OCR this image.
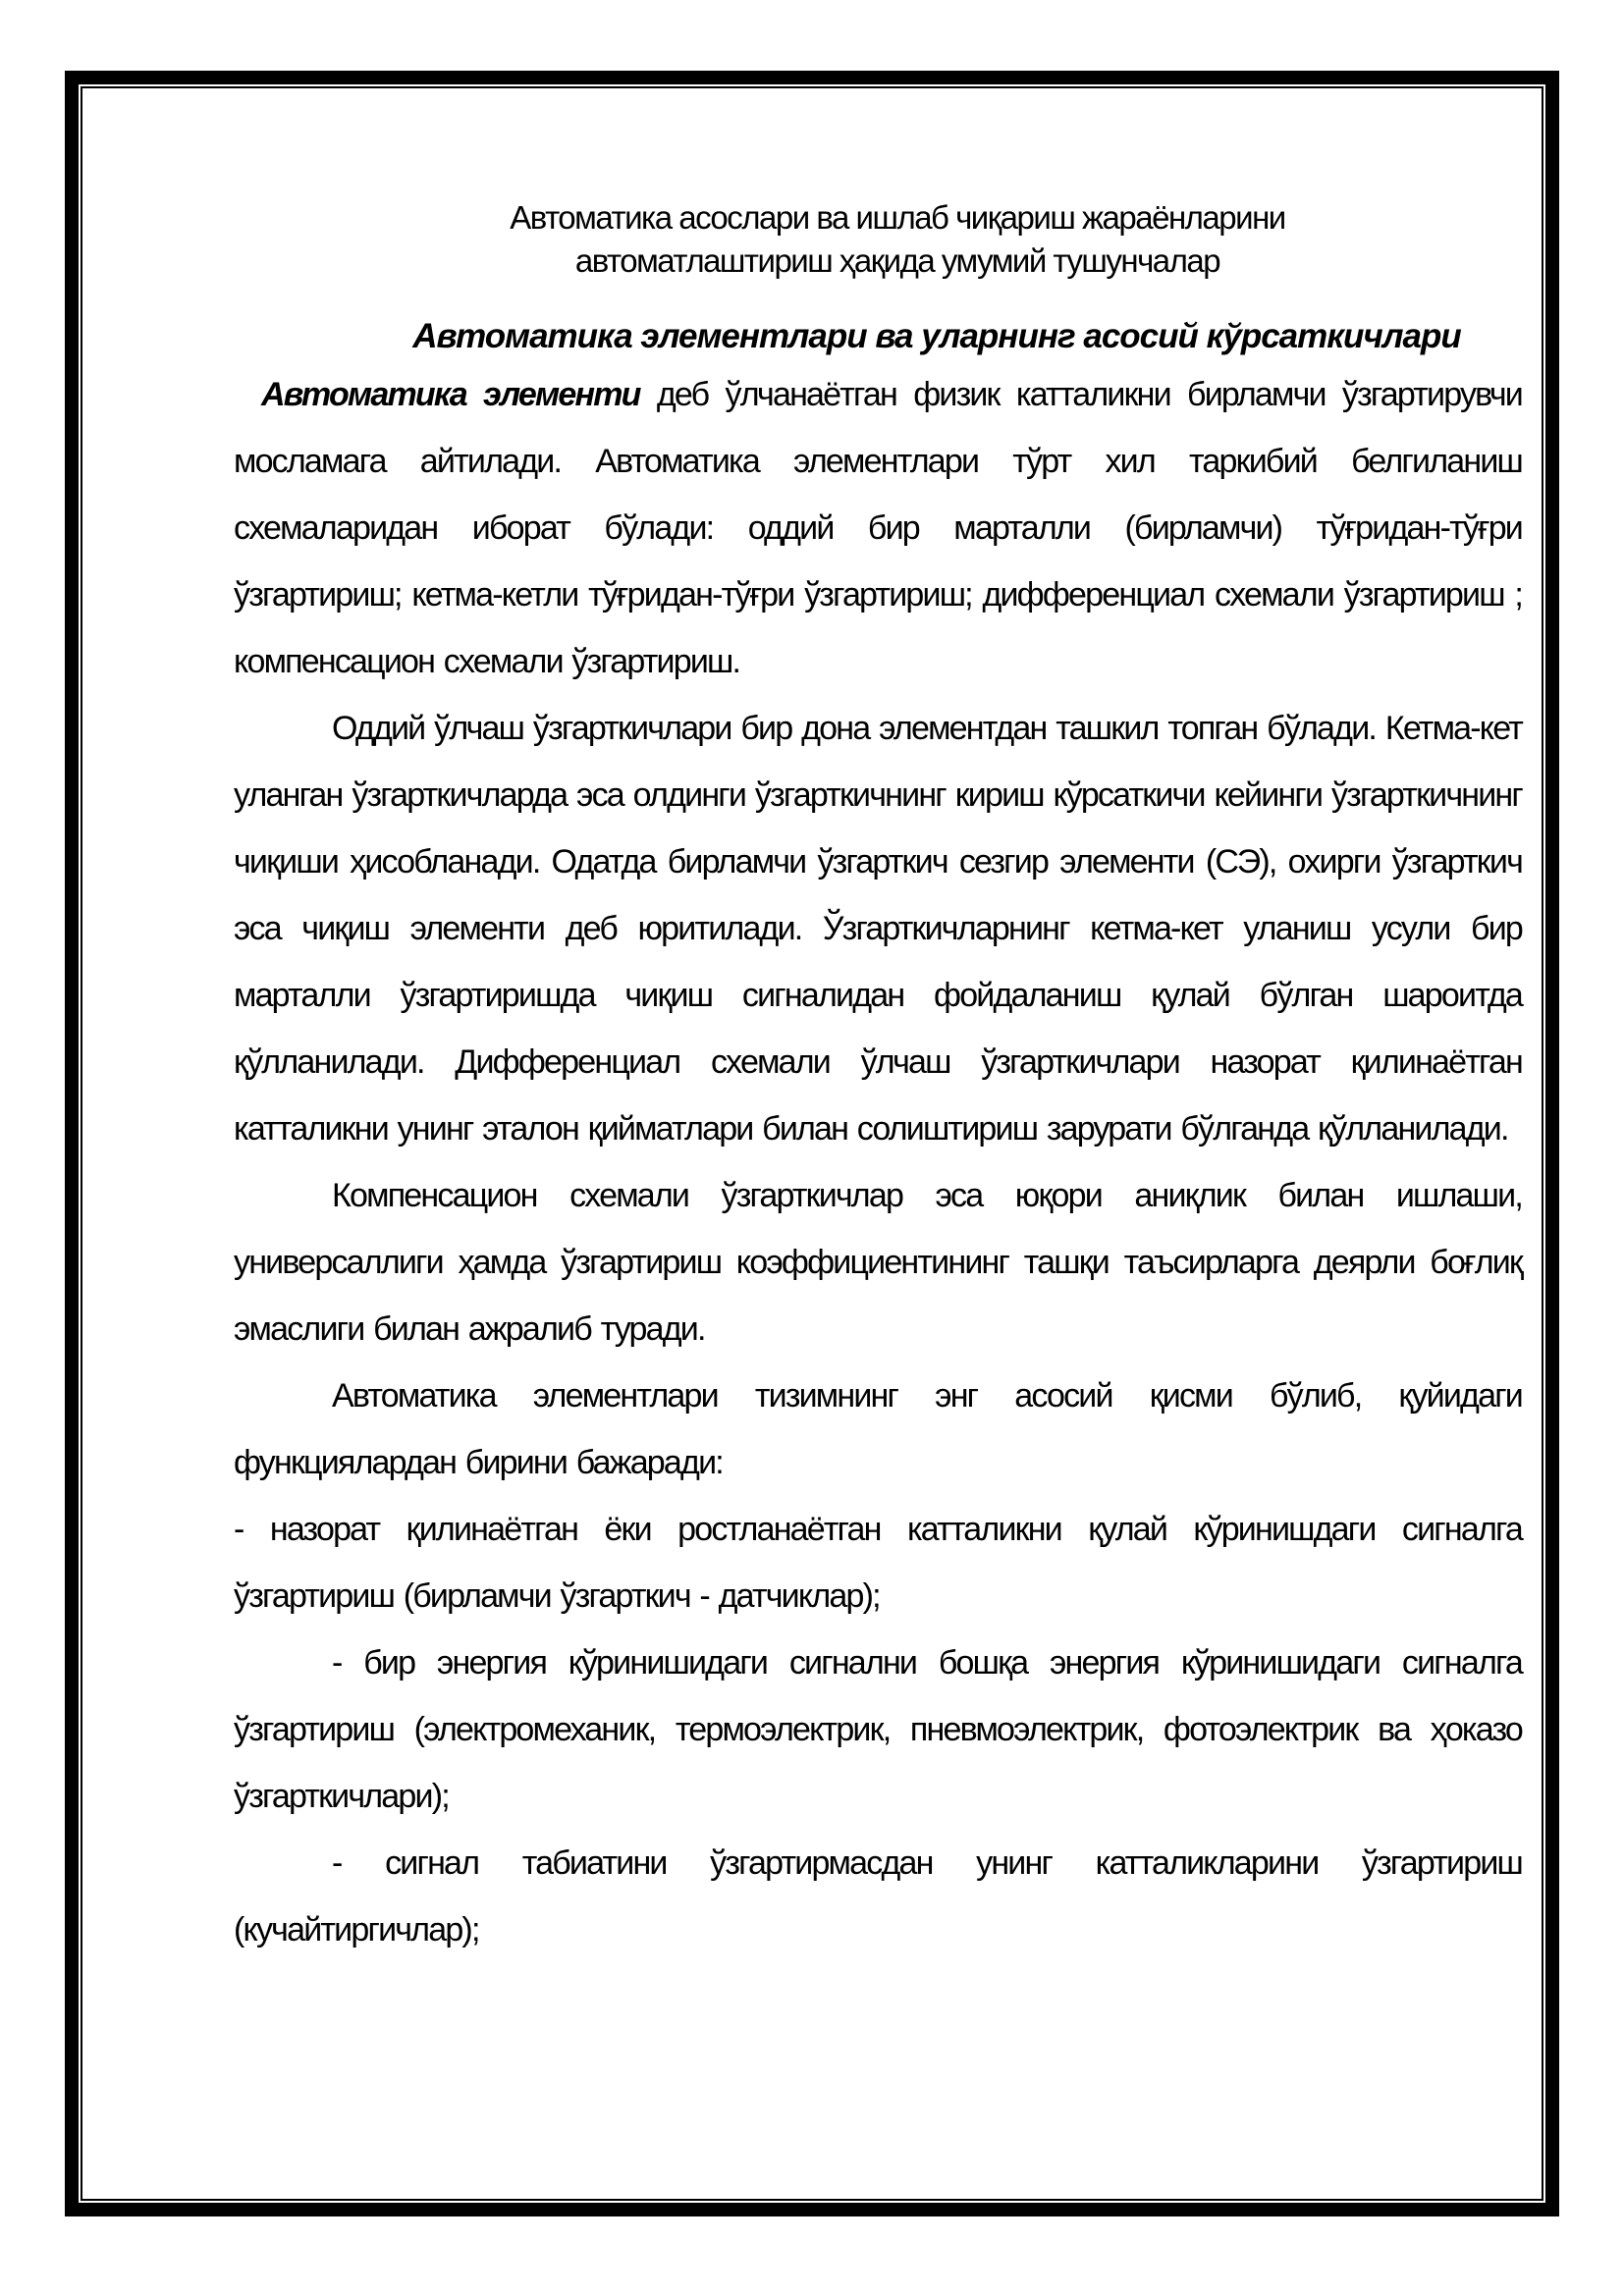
Автоматика асослари ва ишлаб чиқариш жараёнларини
автоматлаштириш ҳақида умумий тушунчалар
Автоматика элементлари ва уларнинг асосий кўрсаткичлари

Автоматика элементи деб ўлчанаётган физик катталикни бирламчи ўзгартирувчи мосламага айтилади. Автоматика элементлари тўрт хил таркибий белгиланиш схемаларидан иборат бўлади: оддий бир марталли (бирламчи) тўғридан-тўғри ўзгартириш; кетма-кетли тўғридан-тўғри ўзгартириш; дифференциал схемали ўзгартириш ; компенсацион схемали ўзгартириш.

Оддий ўлчаш ўзгарткичлари бир дона элементдан ташкил топган бўлади. Кетма-кет уланган ўзгарткичларда эса олдинги ўзгарткичнинг кириш кўрсаткичи кейинги ўзгарткичнинг чиқиши ҳисобланади. Одатда бирламчи ўзгарткич сезгир элементи (СЭ), охирги ўзгарткич эса чиқиш элементи деб юритилади. Ўзгарткичларнинг кетма-кет уланиш усули бир марталли ўзгартиришда чиқиш сигналидан фойдаланиш қулай бўлган шароитда қўлланилади. Дифференциал схемали ўлчаш ўзгарткичлари назорат қилинаётган катталикни унинг эталон қийматлари билан солиштириш зарурати бўлганда қўлланилади.

Компенсацион схемали ўзгарткичлар эса юқори аниқлик билан ишлаши, универсаллиги ҳамда ўзгартириш коэффициентининг ташқи таъсирларга деярли боғлиқ эмаслиги билан ажралиб туради.

Автоматика элементлари тизимнинг энг асосий қисми бўлиб, қуйидаги функциялардан бирини бажаради:

- назорат қилинаётган ёки ростланаётган катталикни қулай кўринишдаги сигналга ўзгартириш (бирламчи ўзгарткич - датчиклар);

- бир энергия кўринишидаги сигнални бошқа энергия кўринишидаги сигналга ўзгартириш (электромеханик, термоэлектрик, пневмоэлектрик, фотоэлектрик ва ҳоказо ўзгарткичлари);

- сигнал табиатини ўзгартирмасдан унинг катталикларини ўзгартириш (кучайтиргичлар);
